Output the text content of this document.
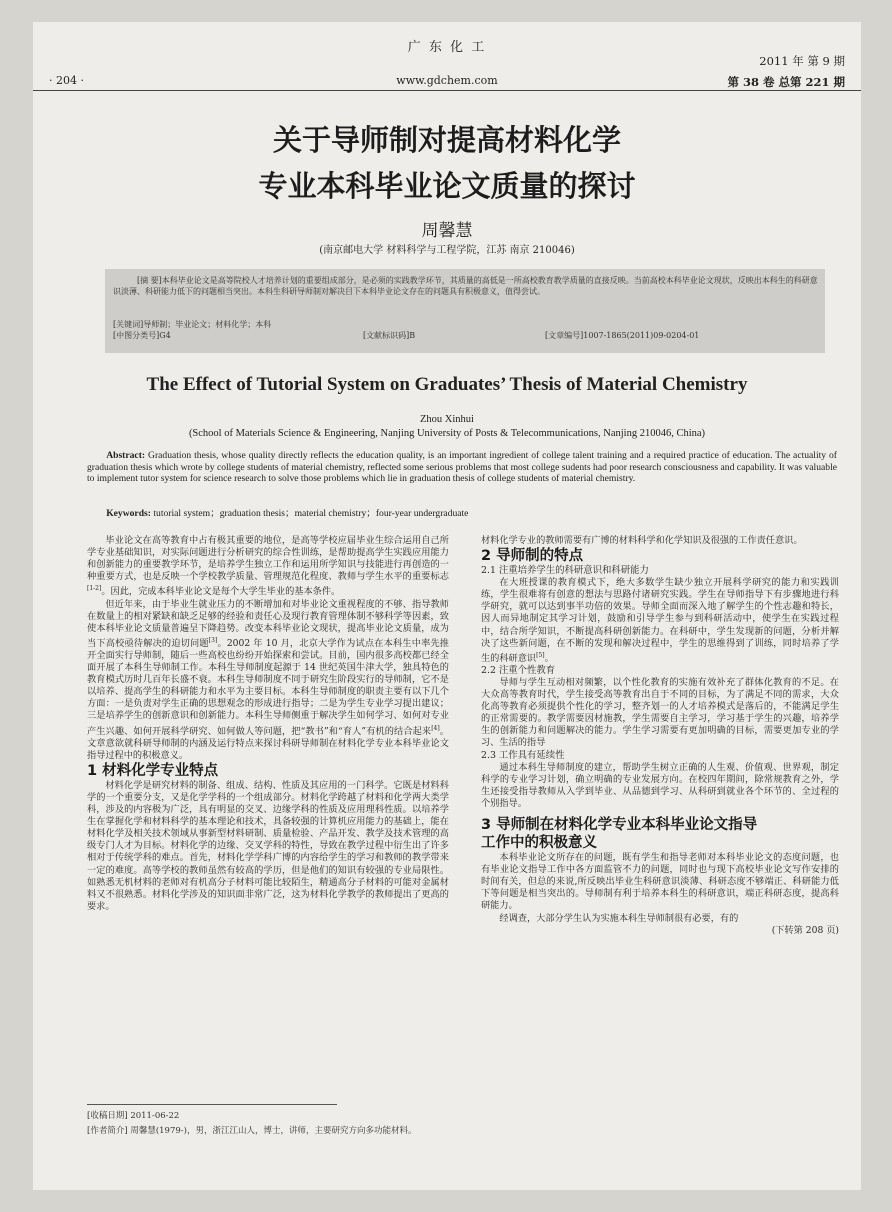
· 204 ·
广 东 化 工
www.gdchem.com
2011 年 第 9 期
第 38 卷 总第 221 期
关于导师制对提高材料化学
专业本科毕业论文质量的探讨
周馨慧
(南京邮电大学 材料科学与工程学院，江苏 南京 210046)
[摘 要]本科毕业论文是高等院校人才培养计划的重要组成部分，是必须的实践教学环节，其质量的高低是一所高校教育教学质量的直接反映。当前高校本科毕业论文现状，反映出本科生的科研意识淡薄、科研能力低下的问题相当突出。本科生科研导师制对解决目下本科毕业论文存在的问题具有积极意义，值得尝试。
[关键词]导师制；毕业论文；材料化学；本科
[中图分类号]G4	[文献标识码]B	[文章编号]1007-1865(2011)09-0204-01
The Effect of Tutorial System on Graduates’ Thesis of Material Chemistry
Zhou Xinhui
(School of Materials Science & Engineering, Nanjing University of Posts & Telecommunications, Nanjing 210046, China)
Abstract: Graduation thesis, whose quality directly reflects the education quality, is an important ingredient of college talent training and a required practice of education. The actuality of graduation thesis which wrote by college students of material chemistry, reflected some serious problems that most college sudents had poor research consciousness and capability. It was valuable to implement tutor system for science research to solve those problems which lie in graduation thesis of college students of material chemistry.
Keywords: tutorial system；graduation thesis；material chemistry；four-year undergraduate

毕业论文在高等教育中占有极其重要的地位，是高等学校应届毕业生综合运用自己所学专业基础知识，对实际问题进行分析研究的综合性训练，是帮助提高学生实践应用能力和创新能力的重要教学环节，是培养学生独立工作和运用所学知识与技能进行再创造的一种重要方式，也是反映一个学校教学质量、管理规范化程度、教师与学生水平的重要标志[1-2]。因此，完成本科毕业论文是每个大学生毕业的基本条件。

但近年来，由于毕业生就业压力的不断增加和对毕业论文重视程度的不够、指导教师在数量上的相对紧缺和缺乏足够的经验和责任心及现行教育管理体制不够科学等因素，致使本科毕业论文质量普遍呈下降趋势。改变本科毕业论文现状，提高毕业论文质量，成为当下高校亟待解决的迫切问题[3]。2002 年 10 月，北京大学作为试点在本科生中率先推开全面实行导师制，随后一些高校也纷纷开始探索和尝试。目前，国内很多高校都已经全面开展了本科生导师制工作。本科生导师制度起源于 14 世纪英国牛津大学，独具特色的教育模式历时几百年长盛不衰。本科生导师制度不同于研究生阶段实行的导师制，它不是以培养、提高学生的科研能力和水平为主要目标。本科生导师制度的职责主要有以下几个方面：一是负责对学生正确的思想观念的形成进行指导；二是为学生专业学习提出建议；三是培养学生的创新意识和创新能力。本科生导师侧重于解决学生如何学习、如何对专业产生兴趣、如何开展科学研究、如何做人等问题，把“教书”和“育人”有机的结合起来[4]。文章意欲就科研导师制的内涵及运行特点来探讨科研导师制在材料化学专业本科毕业论文指导过程中的积极意义。

1 材料化学专业特点

材料化学是研究材料的制备、组成、结构、性质及其应用的一门科学。它既是材料科学的一个重要分支，又是化学学科的一个组成部分。材料化学跨越了材料和化学两大类学科，涉及的内容极为广泛，具有明显的交叉、边缘学科的性质及应用理科性质。以培养学生在掌握化学和材料科学的基本理论和技术，具备较强的计算机应用能力的基础上，能在材料化学及相关技术领域从事新型材料研制、质量检验、产品开发、教学及技术管理的高级专门人才为目标。材料化学的边缘、交叉学科的特性，导致在教学过程中衍生出了许多相对于传统学科的难点。首先，材料化学学科广博的内容给学生的学习和教师的教学带来一定的难度。高等学校的教师虽然有较高的学历，但是他们的知识有较强的专业局限性。如熟悉无机材料的老师对有机高分子材料可能比较陌生，精通高分子材料的可能对金属材料又不很熟悉。材料化学涉及的知识面非常广泛，这为材料化学教学的教师提出了更高的要求。

材料化学专业的教师需要有广博的材料科学和化学知识及很强的工作责任意识。

2 导师制的特点

2.1 注重培养学生的科研意识和科研能力

在大班授课的教育模式下，绝大多数学生缺少独立开展科学研究的能力和实践训练，学生很难将有创意的想法与思路付诸研究实践。学生在导师指导下有步骤地进行科学研究，就可以达到事半功倍的效果。导师全面而深入地了解学生的个性志趣和特长，因人而异地制定其学习计划，鼓励和引导学生参与到科研活动中，使学生在实践过程中，结合所学知识，不断提高科研创新能力。在科研中，学生发现新的问题，分析并解决了这些新问题，在不断的发现和解决过程中，学生的思维得到了训练，同时培养了学生的科研意识[5]。

2.2 注重个性教育

导师与学生互动相对频繁，以个性化教育的实施有效补充了群体化教育的不足。在大众高等教育时代，学生接受高等教育出自于不同的目标，为了满足不同的需求，大众化高等教育必须提供个性化的学习，整齐划一的人才培养模式是落后的，不能满足学生的正常需要的。教学需要因材施教，学生需要自主学习，学习基于学生的兴趣，培养学生的创新能力和问题解决的能力。学生学习需要有更加明确的目标，需要更加专业的学习、生活的指导

2.3 工作具有延续性

通过本科生导师制度的建立，帮助学生树立正确的人生观、价值观、世界观，制定科学的专业学习计划，确立明确的专业发展方向。在校四年期间，除常规教育之外，学生还接受指导教师从入学到毕业、从品德到学习、从科研到就业各个环节的、全过程的个别指导。

3 导师制在材料化学专业本科毕业论文指导
工作中的积极意义

本科毕业论文所存在的问题，既有学生和指导老师对本科毕业论文的态度问题，也有毕业论文指导工作中各方面监管不力的问题，同时也与现下高校毕业论文写作安排的时间有关，但总的来说,所反映出毕业生科研意识淡薄、科研态度不够端正、科研能力低下等问题是相当突出的。导师制有利于培养本科生的科研意识，端正科研态度，提高科研能力。

经调查，大部分学生认为实施本科生导师制很有必要，有的

(下转第 208 页)

[收稿日期] 2011-06-22
[作者简介] 周馨慧(1979-)，男，浙江江山人，博士，讲师，主要研究方向多功能材料。
